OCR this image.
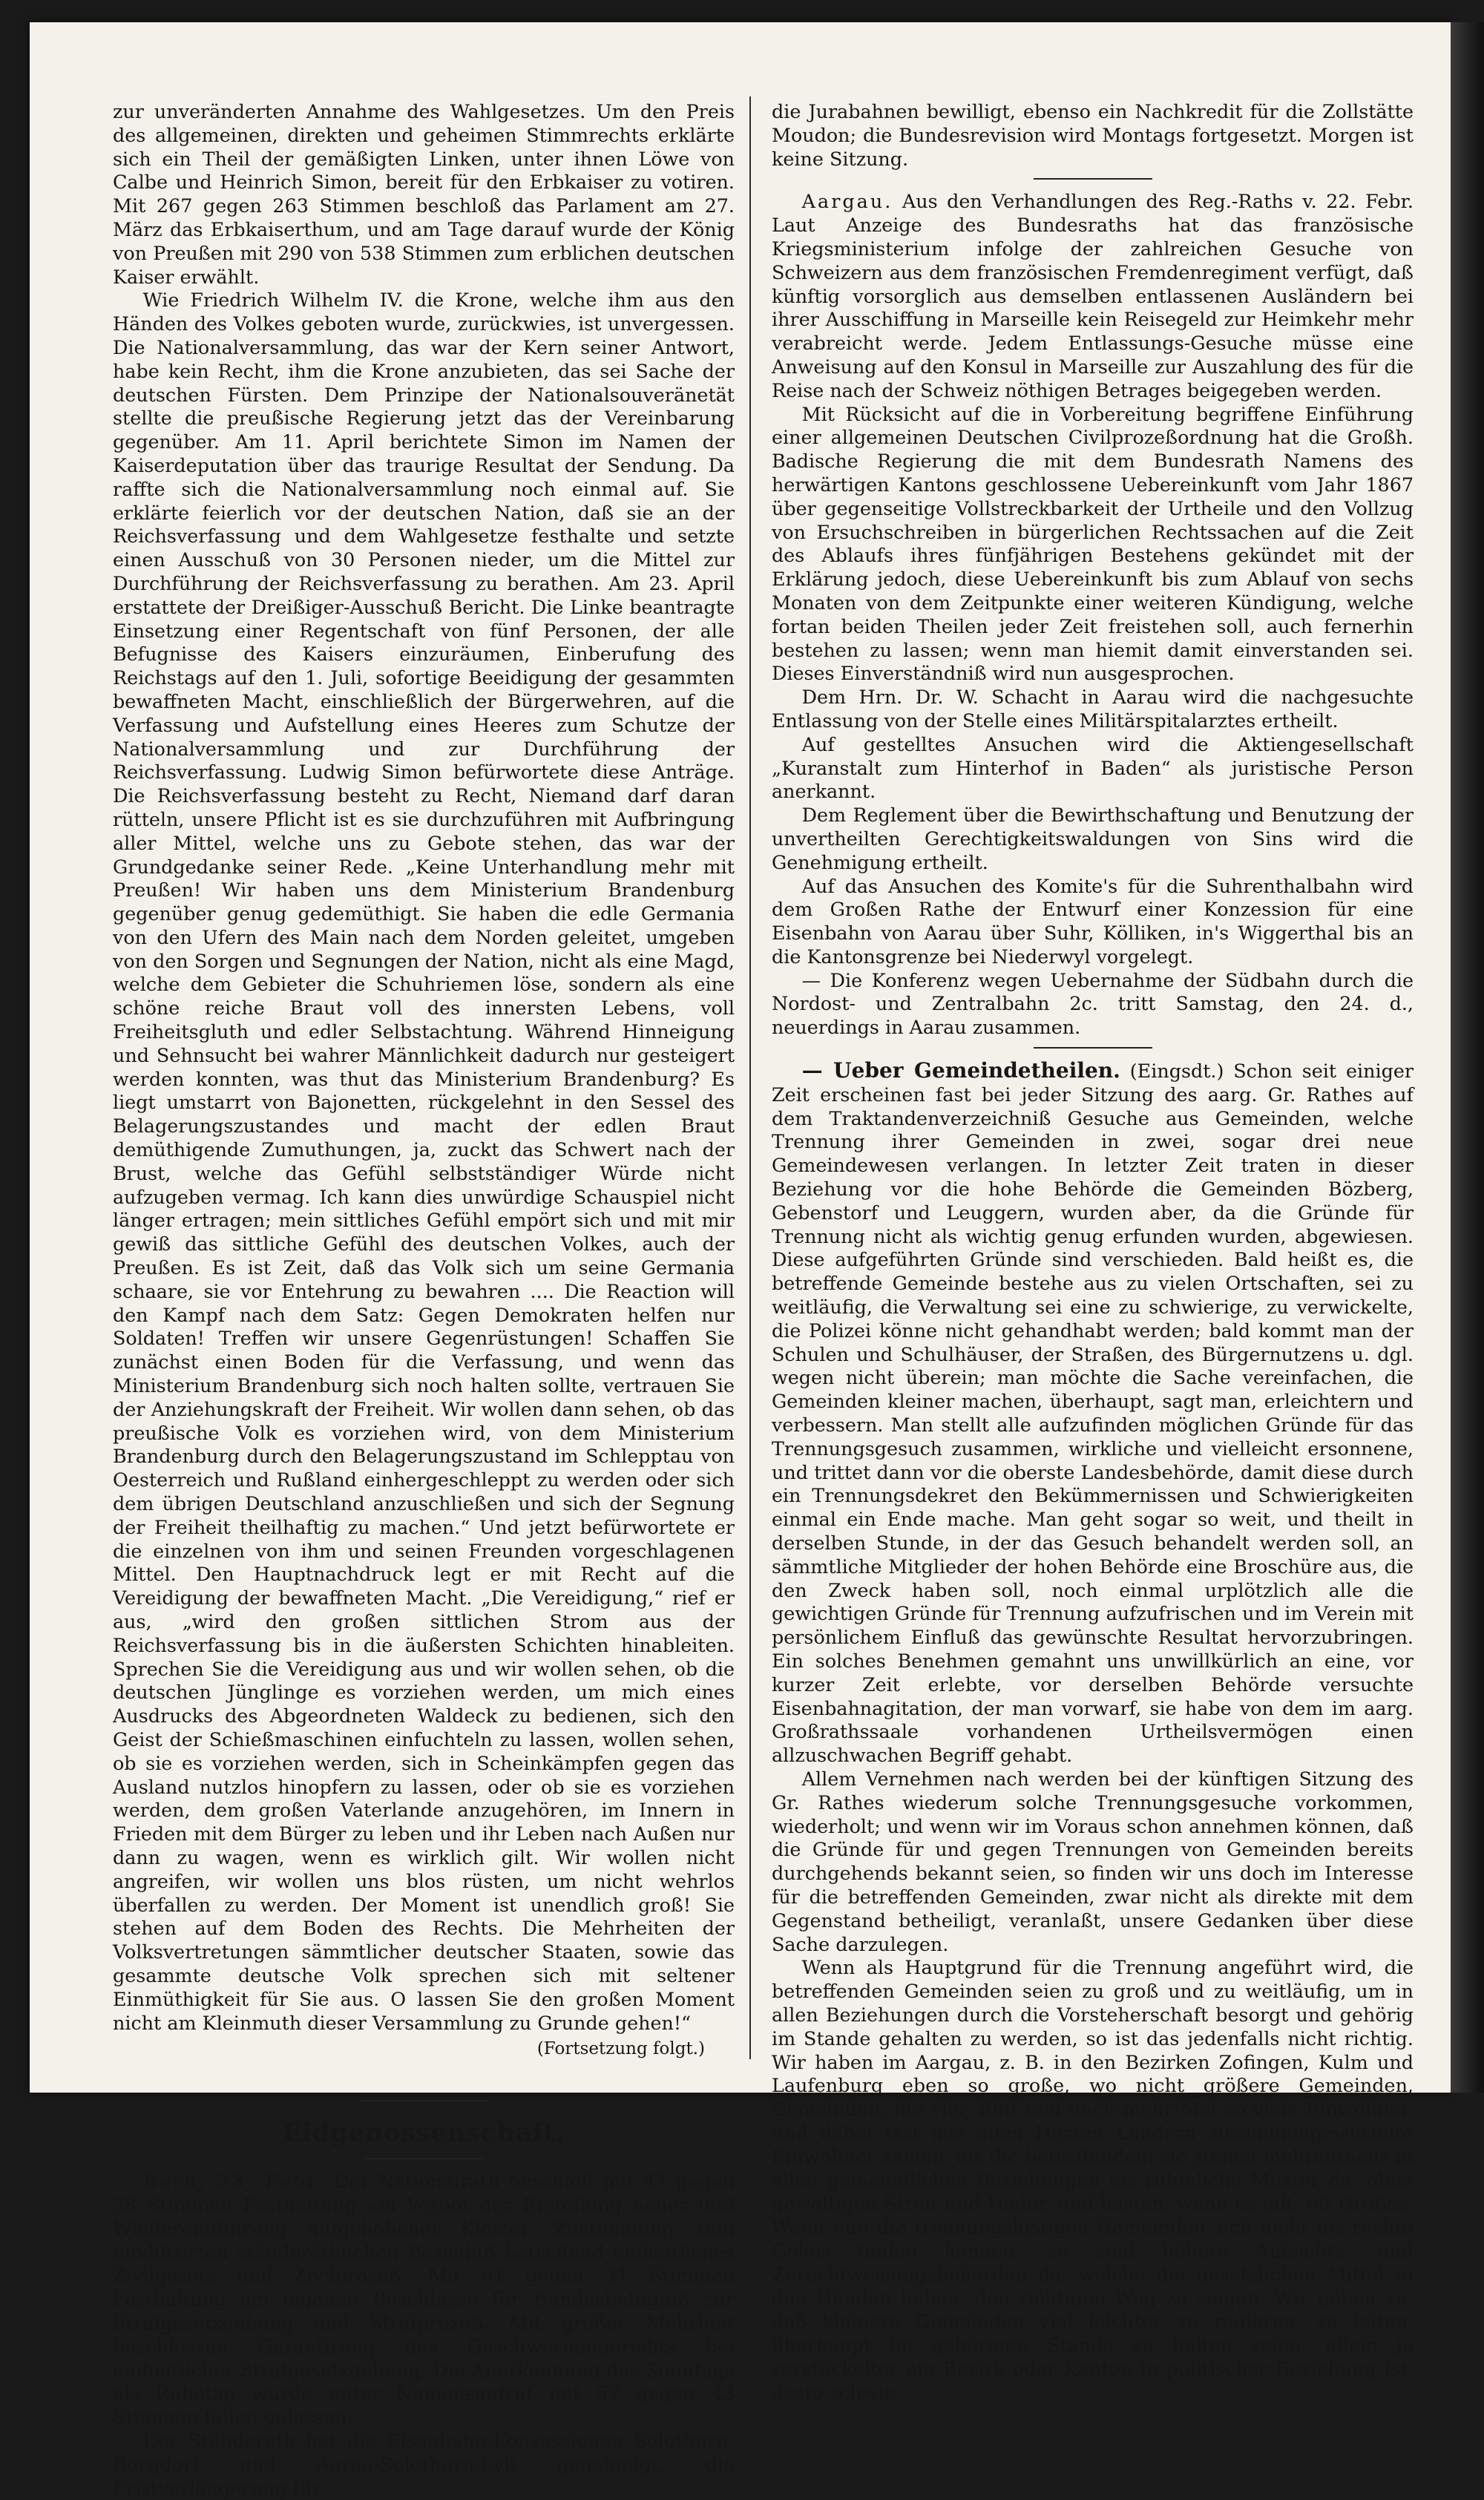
zur unveränderten Annahme des Wahlgesetzes. Um den Preis des allgemeinen, direkten und geheimen Stimmrechts erklärte sich ein Theil der gemäßigten Linken, unter ihnen Löwe von Calbe und Heinrich Simon, bereit für den Erbkaiser zu votiren. Mit 267 gegen 263 Stimmen beschloß das Parlament am 27. März das Erbkaiserthum, und am Tage darauf wurde der König von Preußen mit 290 von 538 Stimmen zum erblichen deutschen Kaiser erwählt.

Wie Friedrich Wilhelm IV. die Krone, welche ihm aus den Händen des Volkes geboten wurde, zurückwies, ist unvergessen. Die Nationalversammlung, das war der Kern seiner Antwort, habe kein Recht, ihm die Krone anzubieten, das sei Sache der deutschen Fürsten. Dem Prinzipe der Nationalsouveränetät stellte die preußische Regierung jetzt das der Vereinbarung gegenüber. Am 11. April berichtete Simon im Namen der Kaiserdeputation über das traurige Resultat der Sendung. Da raffte sich die Nationalversammlung noch einmal auf. Sie erklärte feierlich vor der deutschen Nation, daß sie an der Reichsverfassung und dem Wahlgesetze festhalte und setzte einen Ausschuß von 30 Personen nieder, um die Mittel zur Durchführung der Reichsverfassung zu berathen. Am 23. April erstattete der Dreißiger-Ausschuß Bericht. Die Linke beantragte Einsetzung einer Regentschaft von fünf Personen, der alle Befugnisse des Kaisers einzuräumen, Einberufung des Reichstags auf den 1. Juli, sofortige Beeidigung der gesammten bewaffneten Macht, einschließlich der Bürgerwehren, auf die Verfassung und Aufstellung eines Heeres zum Schutze der Nationalversammlung und zur Durchführung der Reichsverfassung. Ludwig Simon befürwortete diese Anträge. Die Reichsverfassung besteht zu Recht, Niemand darf daran rütteln, unsere Pflicht ist es sie durchzuführen mit Aufbringung aller Mittel, welche uns zu Gebote stehen, das war der Grundgedanke seiner Rede. „Keine Unterhandlung mehr mit Preußen! Wir haben uns dem Ministerium Brandenburg gegenüber genug gedemüthigt. Sie haben die edle Germania von den Ufern des Main nach dem Norden geleitet, umgeben von den Sorgen und Segnungen der Nation, nicht als eine Magd, welche dem Gebieter die Schuhriemen löse, sondern als eine schöne reiche Braut voll des innersten Lebens, voll Freiheitsgluth und edler Selbstachtung. Während Hinneigung und Sehnsucht bei wahrer Männlichkeit dadurch nur gesteigert werden konnten, was thut das Ministerium Brandenburg? Es liegt umstarrt von Bajonetten, rückgelehnt in den Sessel des Belagerungszustandes und macht der edlen Braut demüthigende Zumuthungen, ja, zuckt das Schwert nach der Brust, welche das Gefühl selbstständiger Würde nicht aufzugeben vermag. Ich kann dies unwürdige Schauspiel nicht länger ertragen; mein sittliches Gefühl empört sich und mit mir gewiß das sittliche Gefühl des deutschen Volkes, auch der Preußen. Es ist Zeit, daß das Volk sich um seine Germania schaare, sie vor Entehrung zu bewahren .... Die Reaction will den Kampf nach dem Satz: Gegen Demokraten helfen nur Soldaten! Treffen wir unsere Gegenrüstungen! Schaffen Sie zunächst einen Boden für die Verfassung, und wenn das Ministerium Brandenburg sich noch halten sollte, vertrauen Sie der Anziehungskraft der Freiheit. Wir wollen dann sehen, ob das preußische Volk es vorziehen wird, von dem Ministerium Brandenburg durch den Belagerungszustand im Schlepptau von Oesterreich und Rußland einhergeschleppt zu werden oder sich dem übrigen Deutschland anzuschließen und sich der Segnung der Freiheit theilhaftig zu machen.“ Und jetzt befürwortete er die einzelnen von ihm und seinen Freunden vorgeschlagenen Mittel. Den Hauptnachdruck legt er mit Recht auf die Vereidigung der bewaffneten Macht. „Die Vereidigung,“ rief er aus, „wird den großen sittlichen Strom aus der Reichsverfassung bis in die äußersten Schichten hinableiten. Sprechen Sie die Vereidigung aus und wir wollen sehen, ob die deutschen Jünglinge es vorziehen werden, um mich eines Ausdrucks des Abgeordneten Waldeck zu bedienen, sich den Geist der Schießmaschinen einfuchteln zu lassen, wollen sehen, ob sie es vorziehen werden, sich in Scheinkämpfen gegen das Ausland nutzlos hinopfern zu lassen, oder ob sie es vorziehen werden, dem großen Vaterlande anzugehören, im Innern in Frieden mit dem Bürger zu leben und ihr Leben nach Außen nur dann zu wagen, wenn es wirklich gilt. Wir wollen nicht angreifen, wir wollen uns blos rüsten, um nicht wehrlos überfallen zu werden. Der Moment ist unendlich groß! Sie stehen auf dem Boden des Rechts. Die Mehrheiten der Volksvertretungen sämmtlicher deutscher Staaten, sowie das gesammte deutsche Volk sprechen sich mit seltener Einmüthigkeit für Sie aus. O lassen Sie den großen Moment nicht am Kleinmuth dieser Versammlung zu Grunde gehen!“

(Fortsetzung folgt.)

Eidgenossenschaft.

Bern, 23. Febr. Der Nationalrath beschloß mit 47 gegen 38 Stimmen Festhaltung am Verbot der Erstellung neuer und Wiedereinführung aufgehobener Klöster. Zustimmung zum modifizirten ständeräthlichen Beschluß betreffend einheitliches Zivilgesetz und Zivilprozeß. Mit 61 gegen 31 Stimmen Festhaltung am eigenen Beschlusse für Bundesbefugniß zur Strafgesetzgebung und Strafprozeß. Mit großer Mehrheit beschlossen Garantirung des Geschwornengerichts bei einheitlicher Strafgesetzgebung. Die Anerkennung des Sonntags als Ruhetag wurde unter Namensaufruf mit 57 gegen 43 Stimmen fallen gelassen.

Der Ständerath hat die Eisenbahn-Konzessionen Solothurn-Burgdorf und Aarau-Solothurn-Lyß genehmigt, die Fristverlängerung für

die Jurabahnen bewilligt, ebenso ein Nachkredit für die Zollstätte Moudon; die Bundesrevision wird Montags fortgesetzt. Morgen ist keine Sitzung.

Aargau. Aus den Verhandlungen des Reg.-Raths v. 22. Febr. Laut Anzeige des Bundesraths hat das französische Kriegsministerium infolge der zahlreichen Gesuche von Schweizern aus dem französischen Fremdenregiment verfügt, daß künftig vorsorglich aus demselben entlassenen Ausländern bei ihrer Ausschiffung in Marseille kein Reisegeld zur Heimkehr mehr verabreicht werde. Jedem Entlassungs-Gesuche müsse eine Anweisung auf den Konsul in Marseille zur Auszahlung des für die Reise nach der Schweiz nöthigen Betrages beigegeben werden.

Mit Rücksicht auf die in Vorbereitung begriffene Einführung einer allgemeinen Deutschen Civilprozeßordnung hat die Großh. Badische Regierung die mit dem Bundesrath Namens des herwärtigen Kantons geschlossene Uebereinkunft vom Jahr 1867 über gegenseitige Vollstreckbarkeit der Urtheile und den Vollzug von Ersuchschreiben in bürgerlichen Rechtssachen auf die Zeit des Ablaufs ihres fünfjährigen Bestehens gekündet mit der Erklärung jedoch, diese Uebereinkunft bis zum Ablauf von sechs Monaten von dem Zeitpunkte einer weiteren Kündigung, welche fortan beiden Theilen jeder Zeit freistehen soll, auch fernerhin bestehen zu lassen; wenn man hiemit damit einverstanden sei. Dieses Einverständniß wird nun ausgesprochen.

Dem Hrn. Dr. W. Schacht in Aarau wird die nachgesuchte Entlassung von der Stelle eines Militärspitalarztes ertheilt.

Auf gestelltes Ansuchen wird die Aktiengesellschaft „Kuranstalt zum Hinterhof in Baden“ als juristische Person anerkannt.

Dem Reglement über die Bewirthschaftung und Benutzung der unvertheilten Gerechtigkeitswaldungen von Sins wird die Genehmigung ertheilt.

Auf das Ansuchen des Komite's für die Suhrenthalbahn wird dem Großen Rathe der Entwurf einer Konzession für eine Eisenbahn von Aarau über Suhr, Kölliken, in's Wiggerthal bis an die Kantonsgrenze bei Niederwyl vorgelegt.

— Die Konferenz wegen Uebernahme der Südbahn durch die Nordost- und Zentralbahn 2c. tritt Samstag, den 24. d., neuerdings in Aarau zusammen.

— Ueber Gemeindetheilen. (Eingsdt.) Schon seit einiger Zeit erscheinen fast bei jeder Sitzung des aarg. Gr. Rathes auf dem Traktandenverzeichniß Gesuche aus Gemeinden, welche Trennung ihrer Gemeinden in zwei, sogar drei neue Gemeindewesen verlangen. In letzter Zeit traten in dieser Beziehung vor die hohe Behörde die Gemeinden Bözberg, Gebenstorf und Leuggern, wurden aber, da die Gründe für Trennung nicht als wichtig genug erfunden wurden, abgewiesen. Diese aufgeführten Gründe sind verschieden. Bald heißt es, die betreffende Gemeinde bestehe aus zu vielen Ortschaften, sei zu weitläufig, die Verwaltung sei eine zu schwierige, zu verwickelte, die Polizei könne nicht gehandhabt werden; bald kommt man der Schulen und Schulhäuser, der Straßen, des Bürgernutzens u. dgl. wegen nicht überein; man möchte die Sache vereinfachen, die Gemeinden kleiner machen, überhaupt, sagt man, erleichtern und verbessern. Man stellt alle aufzufinden möglichen Gründe für das Trennungsgesuch zusammen, wirkliche und vielleicht ersonnene, und trittet dann vor die oberste Landesbehörde, damit diese durch ein Trennungsdekret den Bekümmernissen und Schwierigkeiten einmal ein Ende mache. Man geht sogar so weit, und theilt in derselben Stunde, in der das Gesuch behandelt werden soll, an sämmtliche Mitglieder der hohen Behörde eine Broschüre aus, die den Zweck haben soll, noch einmal urplötzlich alle die gewichtigen Gründe für Trennung aufzufrischen und im Verein mit persönlichem Einfluß das gewünschte Resultat hervorzubringen. Ein solches Benehmen gemahnt uns unwillkürlich an eine, vor kurzer Zeit erlebte, vor derselben Behörde versuchte Eisenbahnagitation, der man vorwarf, sie habe von dem im aarg. Großrathssaale vorhandenen Urtheilsvermögen einen allzuschwachen Begriff gehabt.

Allem Vernehmen nach werden bei der künftigen Sitzung des Gr. Rathes wiederum solche Trennungsgesuche vorkommen, wiederholt; und wenn wir im Voraus schon annehmen können, daß die Gründe für und gegen Trennungen von Gemeinden bereits durchgehends bekannt seien, so finden wir uns doch im Interesse für die betreffenden Gemeinden, zwar nicht als direkte mit dem Gegenstand betheiligt, veranlaßt, unsere Gedanken über diese Sache darzulegen.

Wenn als Hauptgrund für die Trennung angeführt wird, die betreffenden Gemeinden seien zu groß und zu weitläufig, um in allen Beziehungen durch die Vorsteherschaft besorgt und gehörig im Stande gehalten zu werden, so ist das jedenfalls nicht richtig. Wir haben im Aargau, z. B. in den Bezirken Zofingen, Kulm und Laufenburg eben so große, wo nicht größere Gemeinden, Gemeinden, die vier, fünf und noch mehr Mal so viele Einwohner, und dabei fast aus allen Herren Ländern zusammengewürfelte Einwohner zählen, als die betreffenden; sie stehen mehrentheils in allen gemeindlichen Beziehungen als rühmliche Muster da, ohne gewaltigen Streit und Hader, und leisten, wenn es gilt, oft Großes. Wenn nun die trennungslustigen Gemeinden sich nicht ins rechte Geleis finden können, so sind höhere Aufsichts- und Zurechtweisungsbehörden da, welche die gesetzlichen Mittel in den Händen haben, den richtigen Weg zu zeigen. Wir geben zu, daß kleinere Gemeinden viel leichter zu regieren, zu leiten, überhaupt im gehörigen Stande zu halten seien; allein je zerstückelter ein Bezirk oder Kanton in politischer Beziehung ist, desto schwie-
